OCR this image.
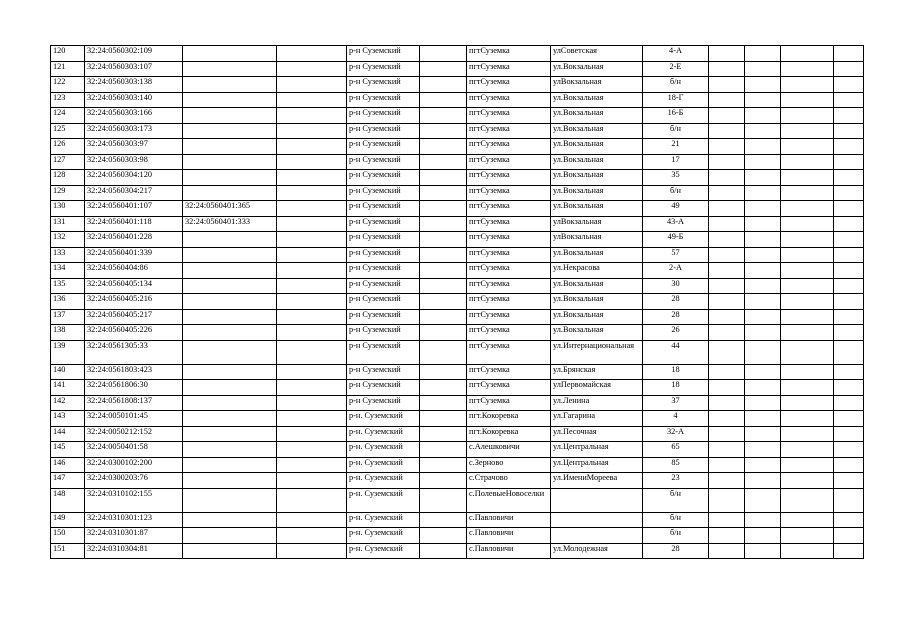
120	32:24:0560302:109			р-н Суземский		пгтСуземка	улСоветская	4-А				
121	32:24:0560303:107			р-н Суземский		пгтСуземка	ул.Вокзальная	2-Е				
122	32:24:0560303:138			р-н Суземский		пгтСуземка	улВокзальная	б/н				
123	32:24:0560303:140			р-н Суземский		пгтСуземка	ул.Вокзальная	18-Г				
124	32:24:0560303:166			р-н Суземский		пгтСуземка	ул.Вокзальная	16-Б				
125	32:24:0560303:173			р-н Суземский		пгтСуземка	ул.Вокзальная	б/н				
126	32:24:0560303:97			р-н Суземский		пгтСуземка	ул.Вокзальная	21				
127	32:24:0560303:98			р-н Суземский		пгтСуземка	ул.Вокзальная	17				
128	32:24:0560304:120			р-н Суземский		пгтСуземка	ул.Вокзальная	35				
129	32:24:0560304:217			р-н Суземский		пгтСуземка	ул.Вокзальная	б/н				
130	32:24:0560401:107	32:24:0560401:365		р-н Суземский		пгтСуземка	ул.Вокзальная	49				
131	32:24:0560401:118	32:24:0560401:333		р-н Суземский		пгтСуземка	улВокзальная	43-А				
132	32:24:0560401:228			р-н Суземский		пгтСуземка	улВокзальная	49-Б				
133	32:24:0560401:339			р-н Суземский		пгтСуземка	ул.Вокзальная	57				
134	32:24:0560404:86			р-н Суземский		пгтСуземка	ул.Некрасова	2-А				
135	32:24:0560405:134			р-н Суземский		пгтСуземка	ул.Вокзальная	30				
136	32:24:0560405:216			р-н Суземский		пгтСуземка	ул.Вокзальная	28				
137	32:24:0560405:217			р-н Суземский		пгтСуземка	ул.Вокзальная	28				
138	32:24:0560405:226			р-н Суземский		пгтСуземка	ул.Вокзальная	26				
139	32:24:0561305:33			р-н Суземский		пгтСуземка	ул.Интернациональная	44				
140	32:24:0561803:423			р-н Суземский		пгтСуземка	ул.Брянская	18				
141	32:24:0561806:30			р-н Суземский		пгтСуземка	улПервомайская	18				
142	32:24:0561808:137			р-н Суземский		пгтСуземка	ул.Ленина	37				
143	32:24:0050101:45			р-н. Суземский		пгт.Кокоревка	ул.Гагарина	4				
144	32:24:0050212:152			р-н. Суземский		пгт.Кокоревка	ул.Песочная	32-А				
145	32:24:0050401:58			р-н. Суземский		с.Алешковичи	ул.Центральная	65				
146	32:24:0300102:200			р-н. Суземский		с.Зерново	ул.Центральная	85				
147	32:24:0300203:76			р-н. Суземский		с.Страчово	ул.ИмениМореева	23				
148	32:24:0310102:155			р-н. Суземский		с.ПолевыеНовоселки		б/н				
149	32:24:0310301:123			р-н. Суземский		с.Павловичи		б/н				
150	32:24:0310301:87			р-н. Суземский		с.Павловичи		б/н				
151	32:24:0310304:81			р-н. Суземский		с.Павловичи	ул.Молодежная	28				
